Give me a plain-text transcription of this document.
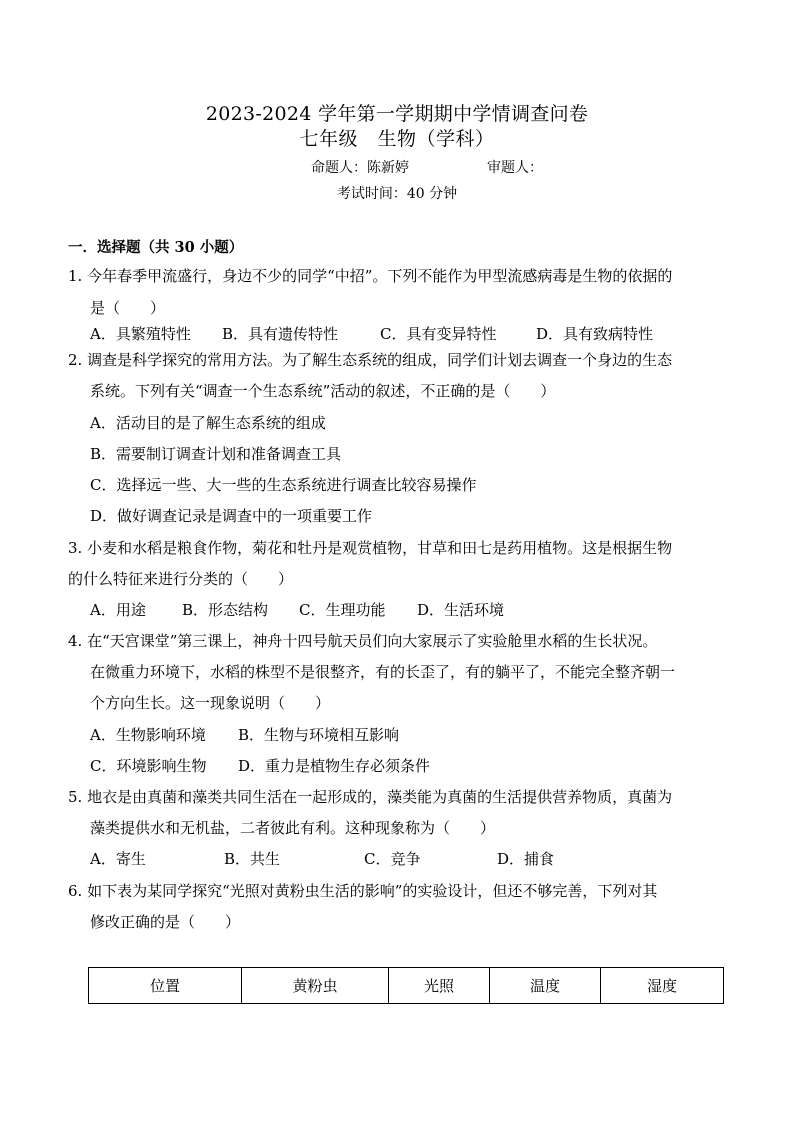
2023-2024 学年第一学期期中学情调查问卷
七年级　生物（学科）
命题人：陈新婷	审题人：
考试时间：40 分钟
一．选择题（共 30 小题）
1. 今年春季甲流盛行，身边不少的同学“中招”。下列不能作为甲型流感病毒是生物的依据的
是（　　）
A．具繁殖特性 B．具有遗传特性	C．具有变异特性	D．具有致病特性
2. 调查是科学探究的常用方法。为了解生态系统的组成，同学们计划去调查一个身边的生态
系统。下列有关“调查一个生态系统”活动的叙述，不正确的是（　　）
A．活动目的是了解生态系统的组成
B．需要制订调查计划和准备调查工具
C．选择远一些、大一些的生态系统进行调查比较容易操作
D．做好调查记录是调查中的一项重要工作
3. 小麦和水稻是粮食作物，菊花和牡丹是观赏植物，甘草和田七是药用植物。这是根据生物
的什么特征来进行分类的（　　）
A．用途 B．形态结构 C．生理功能 D．生活环境
4. 在“天宫课堂”第三课上，神舟十四号航天员们向大家展示了实验舱里水稻的生长状况。
在微重力环境下，水稻的株型不是很整齐，有的长歪了，有的躺平了，不能完全整齐朝一
个方向生长。这一现象说明（　　）
A．生物影响环境 B．生物与环境相互影响
C．环境影响生物 D．重力是植物生存必须条件
5. 地衣是由真菌和藻类共同生活在一起形成的，藻类能为真菌的生活提供营养物质，真菌为
藻类提供水和无机盐，二者彼此有利。这种现象称为（　　）
A．寄生	B．共生	C．竞争	D．捕食
6. 如下表为某同学探究“光照对黄粉虫生活的影响”的实验设计，但还不够完善，下列对其
修改正确的是（　　）
位置	黄粉虫	光照	温度	湿度
